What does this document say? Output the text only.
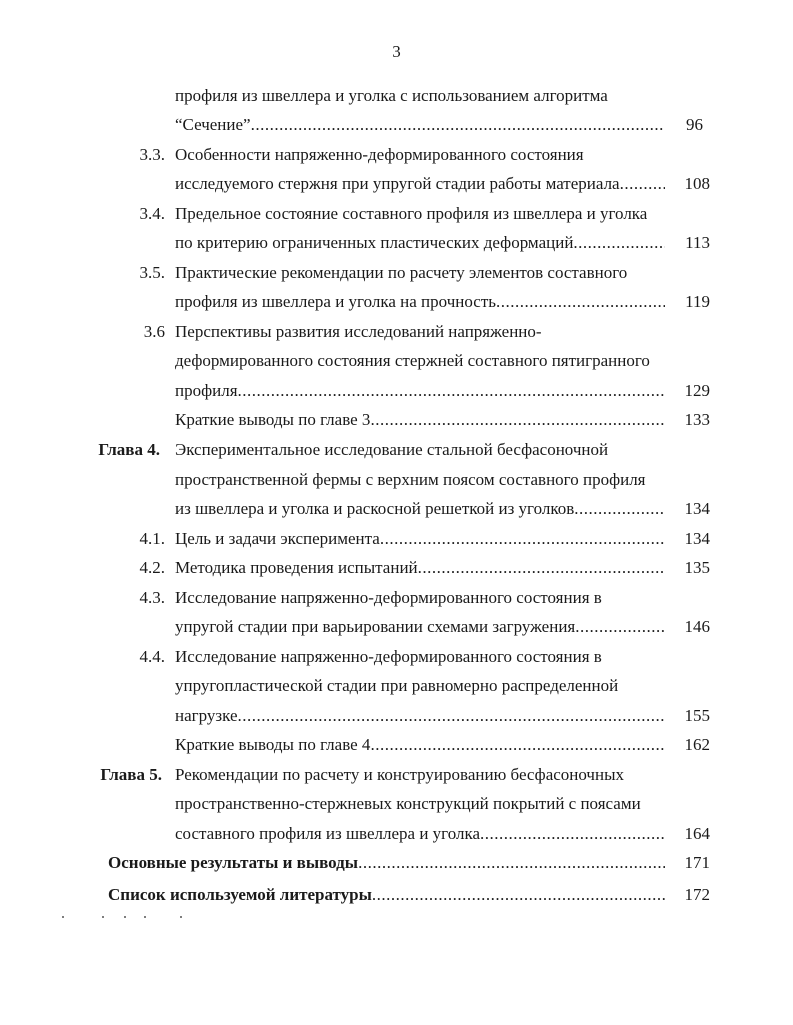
3
профиля из швеллера и уголка с использованием алгоритма
“Сечение” .....	96
3.3. Особенности напряженно-деформированного состояния
исследуемого стержня при упругой стадии работы материала .....	108
3.4. Предельное состояние составного профиля из швеллера и уголка
по критерию ограниченных пластических деформаций .....	113
3.5. Практические рекомендации по расчету элементов составного
профиля из швеллера и уголка на прочность .....	119
3.6 Перспективы развития исследований напряженно-
деформированного состояния стержней составного пятигранного
профиля .....	129
Краткие выводы по главе 3 .....	133
Глава 4. Экспериментальное исследование стальной бесфасоночной
пространственной фермы с верхним поясом составного профиля
из швеллера и уголка и раскосной решеткой из уголков .....	134
4.1. Цель и задачи эксперимента .....	134
4.2. Методика проведения испытаний .....	135
4.3. Исследование напряженно-деформированного состояния в
упругой стадии при варьировании схемами загружения .....	146
4.4. Исследование напряженно-деформированного состояния в
упругопластической стадии при равномерно распределенной
нагрузке .....	155
Краткие выводы по главе 4 .....	162
Глава 5. Рекомендации по расчету и конструированию бесфасоночных
пространственно-стержневых конструкций покрытий с поясами
составного профиля из швеллера и уголка .....	164
Основные результаты и выводы .....	171
Список используемой литературы .....	172
